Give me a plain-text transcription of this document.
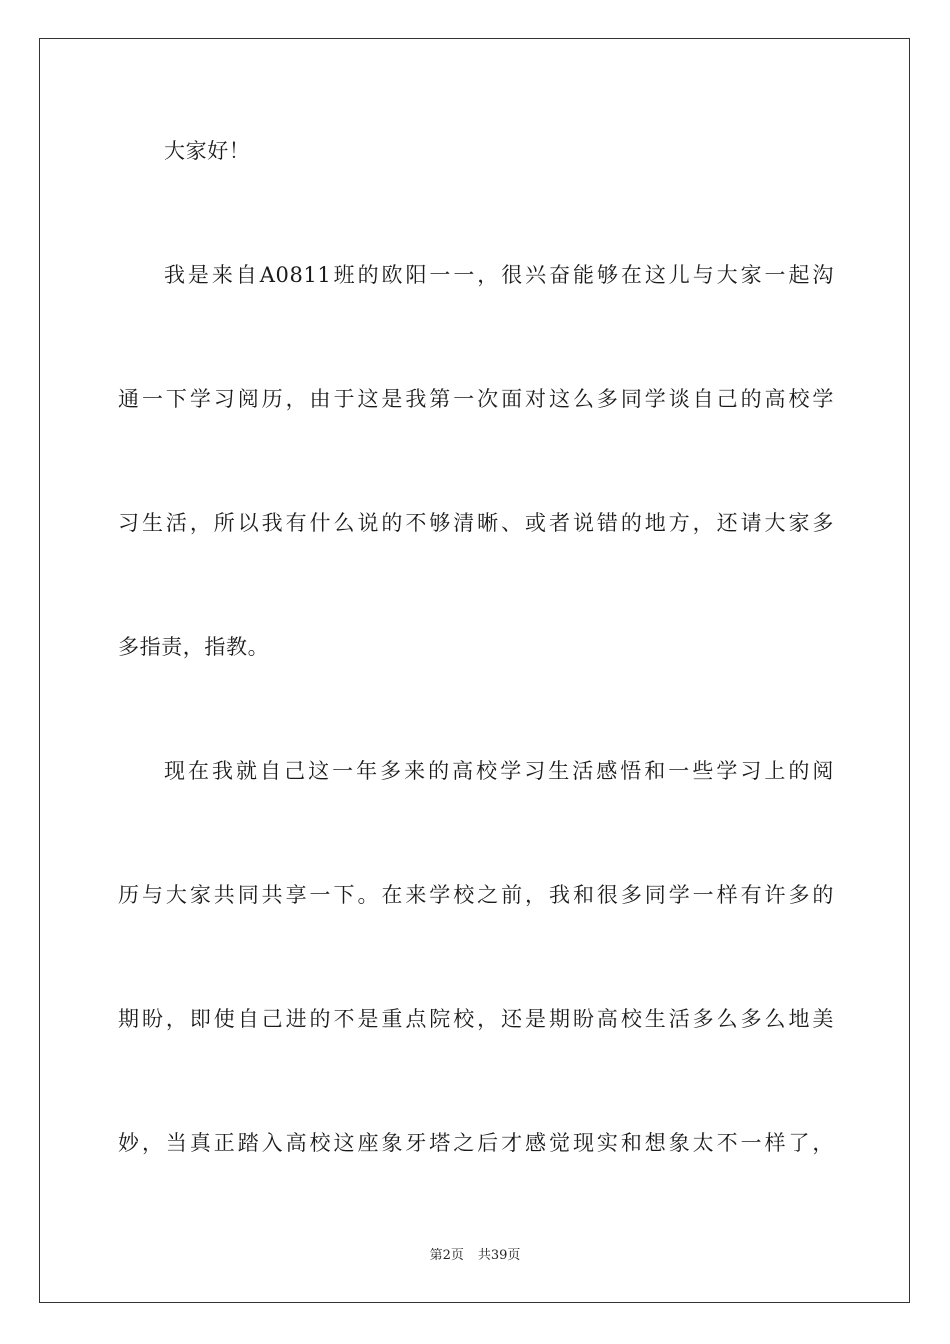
大家好！
我是来自A0811班的欧阳一一，很兴奋能够在这儿与大家一起沟
通一下学习阅历，由于这是我第一次面对这么多同学谈自己的高校学
习生活，所以我有什么说的不够清晰、或者说错的地方，还请大家多
多指责，指教。
现在我就自己这一年多来的高校学习生活感悟和一些学习上的阅
历与大家共同共享一下。在来学校之前，我和很多同学一样有许多的
期盼，即使自己进的不是重点院校，还是期盼高校生活多么多么地美
妙，当真正踏入高校这座象牙塔之后才感觉现实和想象太不一样了，
第2页 共39页
